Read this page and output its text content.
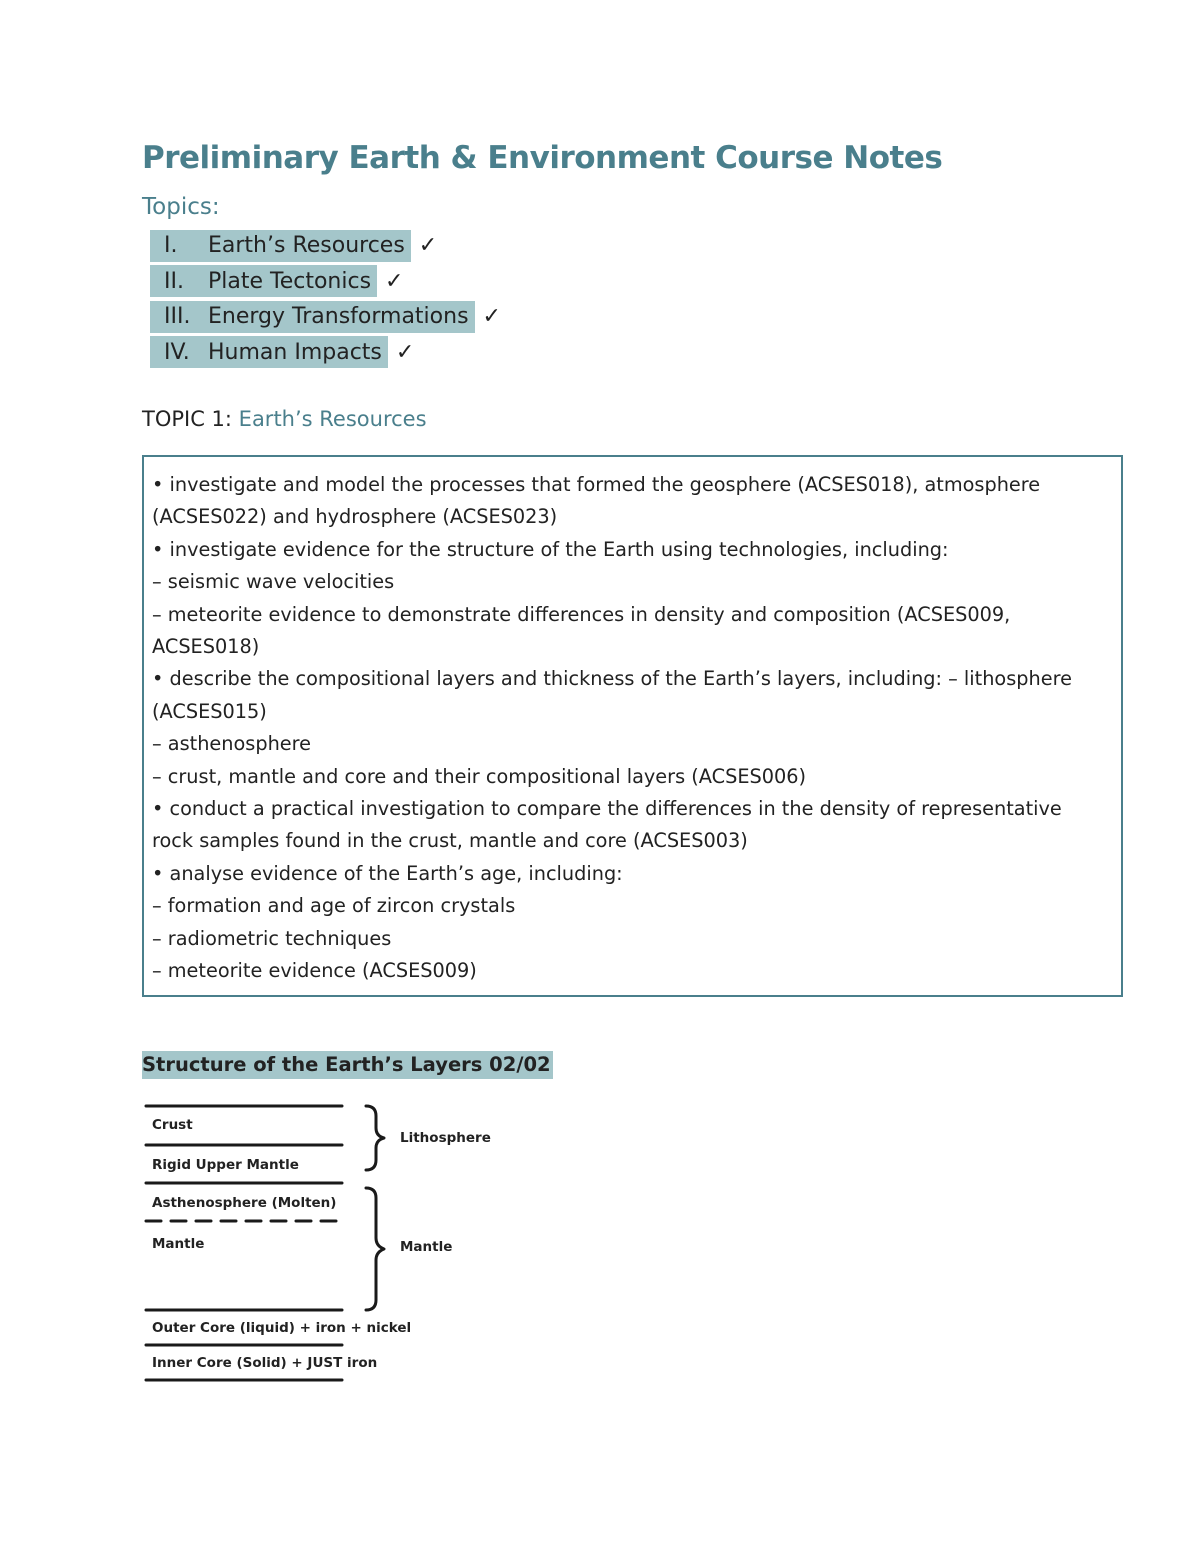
Preliminary Earth & Environment Course Notes
Topics:
I.	Earth’s Resources ✓
II.	Plate Tectonics ✓
III. Energy Transformations ✓
IV. Human Impacts ✓
TOPIC 1: Earth’s Resources
• investigate and model the processes that formed the geosphere (ACSES018), atmosphere
(ACSES022) and hydrosphere (ACSES023)
• investigate evidence for the structure of the Earth using technologies, including:
– seismic wave velocities
– meteorite evidence to demonstrate differences in density and composition (ACSES009,
ACSES018)
• describe the compositional layers and thickness of the Earth’s layers, including: – lithosphere
(ACSES015)
– asthenosphere
– crust, mantle and core and their compositional layers (ACSES006)
• conduct a practical investigation to compare the differences in the density of representative
rock samples found in the crust, mantle and core (ACSES003)
• analyse evidence of the Earth’s age, including:
– formation and age of zircon crystals
– radiometric techniques
– meteorite evidence (ACSES009)
Structure of the Earth’s Layers 02/02
Crust
Rigid Upper Mantle
Asthenosphere (Molten)
Mantle
Outer Core (liquid) + iron + nickel
Inner Core (Solid) + JUST iron
Lithosphere
Mantle
